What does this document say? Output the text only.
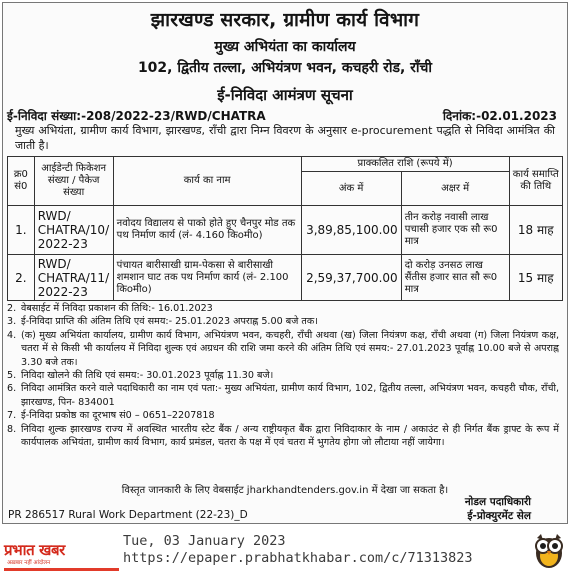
झारखण्ड सरकार, ग्रामीण कार्य विभाग
मुख्य अभियंता का कार्यालय
102, द्वितीय तल्ला, अभियंत्रण भवन, कचहरी रोड, राँची
ई-निविदा आमंत्रण सूचना
ई-निविदा संख्या:-208/2022-23/RWD/CHATRA	दिनांक:-02.01.2023
मुख्य अभियंता, ग्रामीण कार्य विभाग, झारखण्ड, राँची द्वारा निम्न विवरण के अनुसार e-procurement पद्धति से निविदा आमंत्रित की जाती है।
क्र0 सं0	आईडेन्टी फिकेशन संख्या / पैकेज संख्या	कार्य का नाम	प्राक्कलित राशि (रूपये में)		कार्य समाप्ति की तिथि
			अंक में	अक्षर में	
1.	RWD/ CHATRA/10/ 2022-23	नवोदय विद्यालय से पाको होते हुए चैनपुर मोड तक पथ निर्माण कार्य (लं- 4.160 किoमीo)	3,89,85,100.00	तीन करोड़ नवासी लाख पचासी हजार एक सौ रू0 मात्र	18 माह
2.	RWD/ CHATRA/11/ 2022-23	पंचायत बारीसाखी ग्राम-पेकसा से बारीसाखी शमशान घाट तक पथ निर्माण कार्य (लं- 2.100 किoमीo)	2,59,37,700.00	दो करोड़ उनसठ लाख सैंतीस हजार सात सौ रू0 मात्र	15 माह
2. वेबसाईट में निविदा प्रकाशन की तिथि:- 16.01.2023
3. ई-निविदा प्राप्ति की अंतिम तिथि एवं समय:- 25.01.2023 अपराह्न 5.00 बजे तक।
4. (क) मुख्य अभियंता कार्यालय, ग्रामीण कार्य विभाग, अभियंत्रण भवन, कचहरी, राँची अथवा (ख) जिला नियंत्रण कक्ष, राँची अथवा (ग) जिला नियंत्रण कक्ष, चतरा में से किसी भी कार्यालय में निविदा शुल्क एवं अग्रधन की राशि जमा करने की अंतिम तिथि एवं समय:- 27.01.2023 पूर्वाह्न 10.00 बजे से अपराह्न 3.30 बजे तक।
5. निविदा खोलने की तिथि एवं समय:- 30.01.2023 पूर्वाह्न 11.30 बजे।
6. निविदा आमंत्रित करने वाले पदाधिकारी का नाम एवं पता:- मुख्य अभियंता, ग्रामीण कार्य विभाग, 102, द्वितीय तल्ला, अभियंत्रण भवन, कचहरी चौक, राँची, झारखण्ड, पिन- 834001
7. ई-निविदा प्रकोष्ठ का दूरभाष सं0 – 0651–2207818
8. निविदा शुल्क झारखण्ड राज्य में अवस्थित भारतीय स्टेट बैंक / अन्य राष्ट्रीयकृत बैंक द्वारा निविदाकार के नाम / अकाउंट से ही निर्गत बैंक ड्राफ्ट के रूप में कार्यपालक अभियंता, ग्रामीण कार्य विभाग, कार्य प्रमंडल, चतरा के पक्ष में एवं चतरा में भुगतेय होगा जो लौटाया नहीं जायेगा।
विस्तृत जानकारी के लिए वेबसाईट jharkhandtenders.gov.in में देखा जा सकता है।
नोडल पदाधिकारी
ई-प्रोक्युरमेंट सेल
PR 286517 Rural Work Department (22-23)_D
प्रभात खबर
अख़बार नहीं आंदोलन
Tue, 03 January 2023
https://epaper.prabhatkhabar.com/c/71313823
